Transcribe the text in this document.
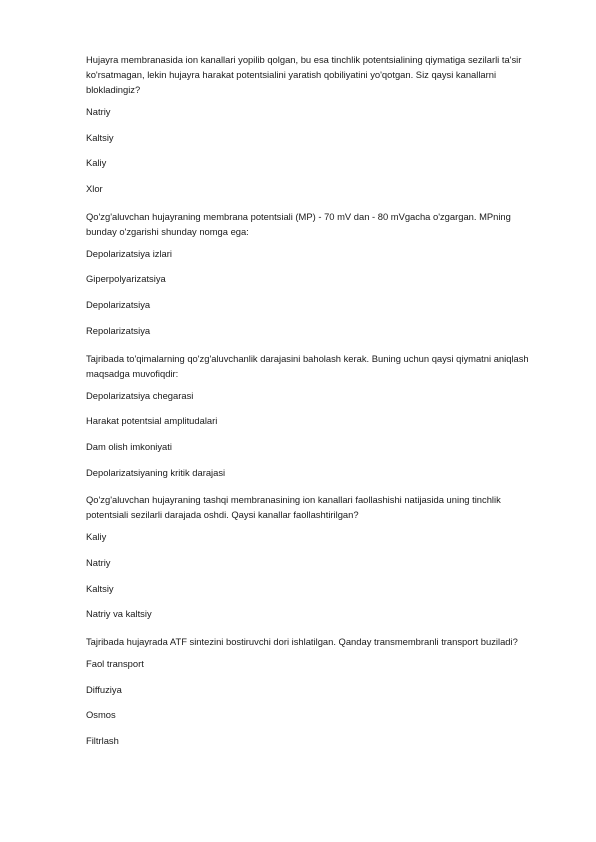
Hujayra membranasida ion kanallari yopilib qolgan, bu esa tinchlik potentsialining qiymatiga sezilarli ta'sir ko'rsatmagan, lekin hujayra harakat potentsialini yaratish qobiliyatini yo'qotgan. Siz qaysi kanallarni blokladingiz?

Natriy

Kaltsiy

Kaliy

Xlor

Qo'zg'aluvchan hujayraning membrana potentsiali (MP) - 70 mV dan - 80 mVgacha o'zgargan. MPning bunday o'zgarishi shunday nomga ega:

Depolarizatsiya izlari

Giperpolyarizatsiya

Depolarizatsiya

Repolarizatsiya

Tajribada to'qimalarning qo'zg'aluvchanlik darajasini baholash kerak. Buning uchun qaysi qiymatni aniqlash maqsadga muvofiqdir:

Depolarizatsiya chegarasi

Harakat potentsial amplitudalari

Dam olish imkoniyati

Depolarizatsiyaning kritik darajasi

Qo'zg'aluvchan hujayraning tashqi membranasining ion kanallari faollashishi natijasida uning tinchlik potentsiali sezilarli darajada oshdi. Qaysi kanallar faollashtirilgan?

Kaliy

Natriy

Kaltsiy

Natriy va kaltsiy

Tajribada hujayrada ATF sintezini bostiruvchi dori ishlatilgan. Qanday transmembranli transport buziladi?

Faol transport

Diffuziya

Osmos

Filtrlash
